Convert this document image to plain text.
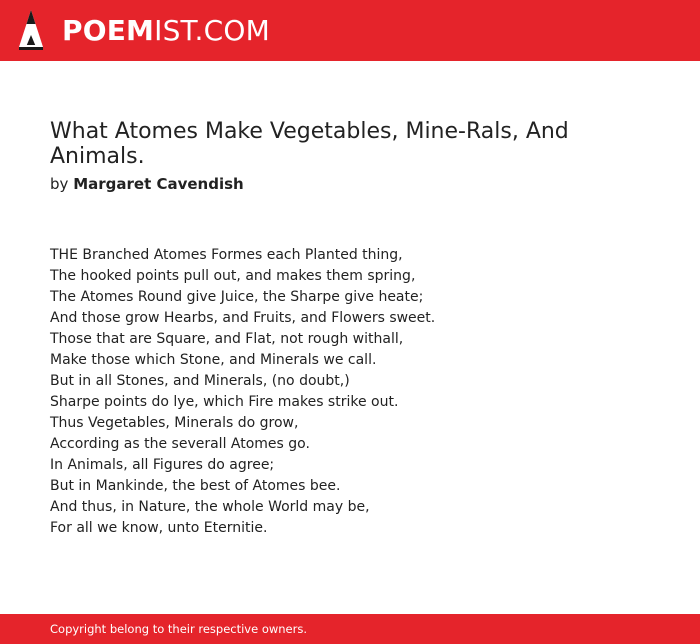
POEMIST.COM
What Atomes Make Vegetables, Mine-Rals, And Animals.
by Margaret Cavendish
THE Branched Atomes Formes each Planted thing,
The hooked points pull out, and makes them spring,
The Atomes Round give Juice, the Sharpe give heate;
And those grow Hearbs, and Fruits, and Flowers sweet.
Those that are Square, and Flat, not rough withall,
Make those which Stone, and Minerals we call.
But in all Stones, and Minerals, (no doubt,)
Sharpe points do lye, which Fire makes strike out.
Thus Vegetables, Minerals do grow,
According as the severall Atomes go.
In Animals, all Figures do agree;
But in Mankinde, the best of Atomes bee.
And thus, in Nature, the whole World may be,
For all we know, unto Eternitie.
Copyright belong to their respective owners.
